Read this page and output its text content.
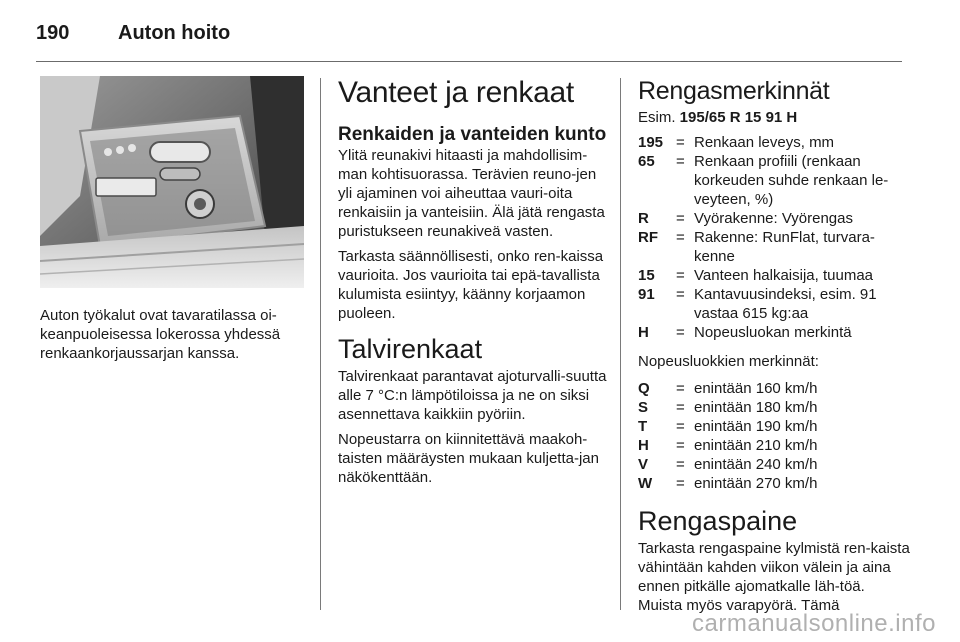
190	Auton hoito
Auton työkalut ovat tavaratilassa oi-keanpuoleisessa lokerossa yhdessä renkaankorjaussarjan kanssa.
Vanteet ja renkaat
Renkaiden ja vanteiden kunto

Ylitä reunakivi hitaasti ja mahdollisim-man kohtisuorassa. Terävien reuno-jen yli ajaminen voi aiheuttaa vauri-oita renkaisiin ja vanteisiin. Älä jätä rengasta puristukseen reunakiveä vasten.

Tarkasta säännöllisesti, onko ren-kaissa vaurioita. Jos vaurioita tai epä-tavallista kulumista esiintyy, käänny korjaamon puoleen.

Talvirenkaat

Talvirenkaat parantavat ajoturvalli-suutta alle 7 °C:n lämpötiloissa ja ne on siksi asennettava kaikkiin pyöriin.

Nopeustarra on kiinnitettävä maakoh-taisten määräysten mukaan kuljetta-jan näkökenttään.

Rengasmerkinnät
Esim. 195/65 R 15 91 H
195 = Renkaan leveys, mm
65	= Renkaan profiili (renkaan korkeuden suhde renkaan le-veyteen, %)
R	= Vyörakenne: Vyörengas
RF	= Rakenne: RunFlat, turvara-kenne
15	= Vanteen halkaisija, tuumaa
91	= Kantavuusindeksi, esim. 91 vastaa 615 kg:aa
H	= Nopeusluokan merkintä

Nopeusluokkien merkinnät:

Q	= enintään 160 km/h
S	= enintään 180 km/h
T	= enintään 190 km/h
H	= enintään 210 km/h
V	= enintään 240 km/h
W	= enintään 270 km/h
Rengaspaine

Tarkasta rengaspaine kylmistä ren-kaista vähintään kahden viikon välein ja aina ennen pitkälle ajomatkalle läh-töä. Muista myös varapyörä. Tämä

carmanualsonline.info
